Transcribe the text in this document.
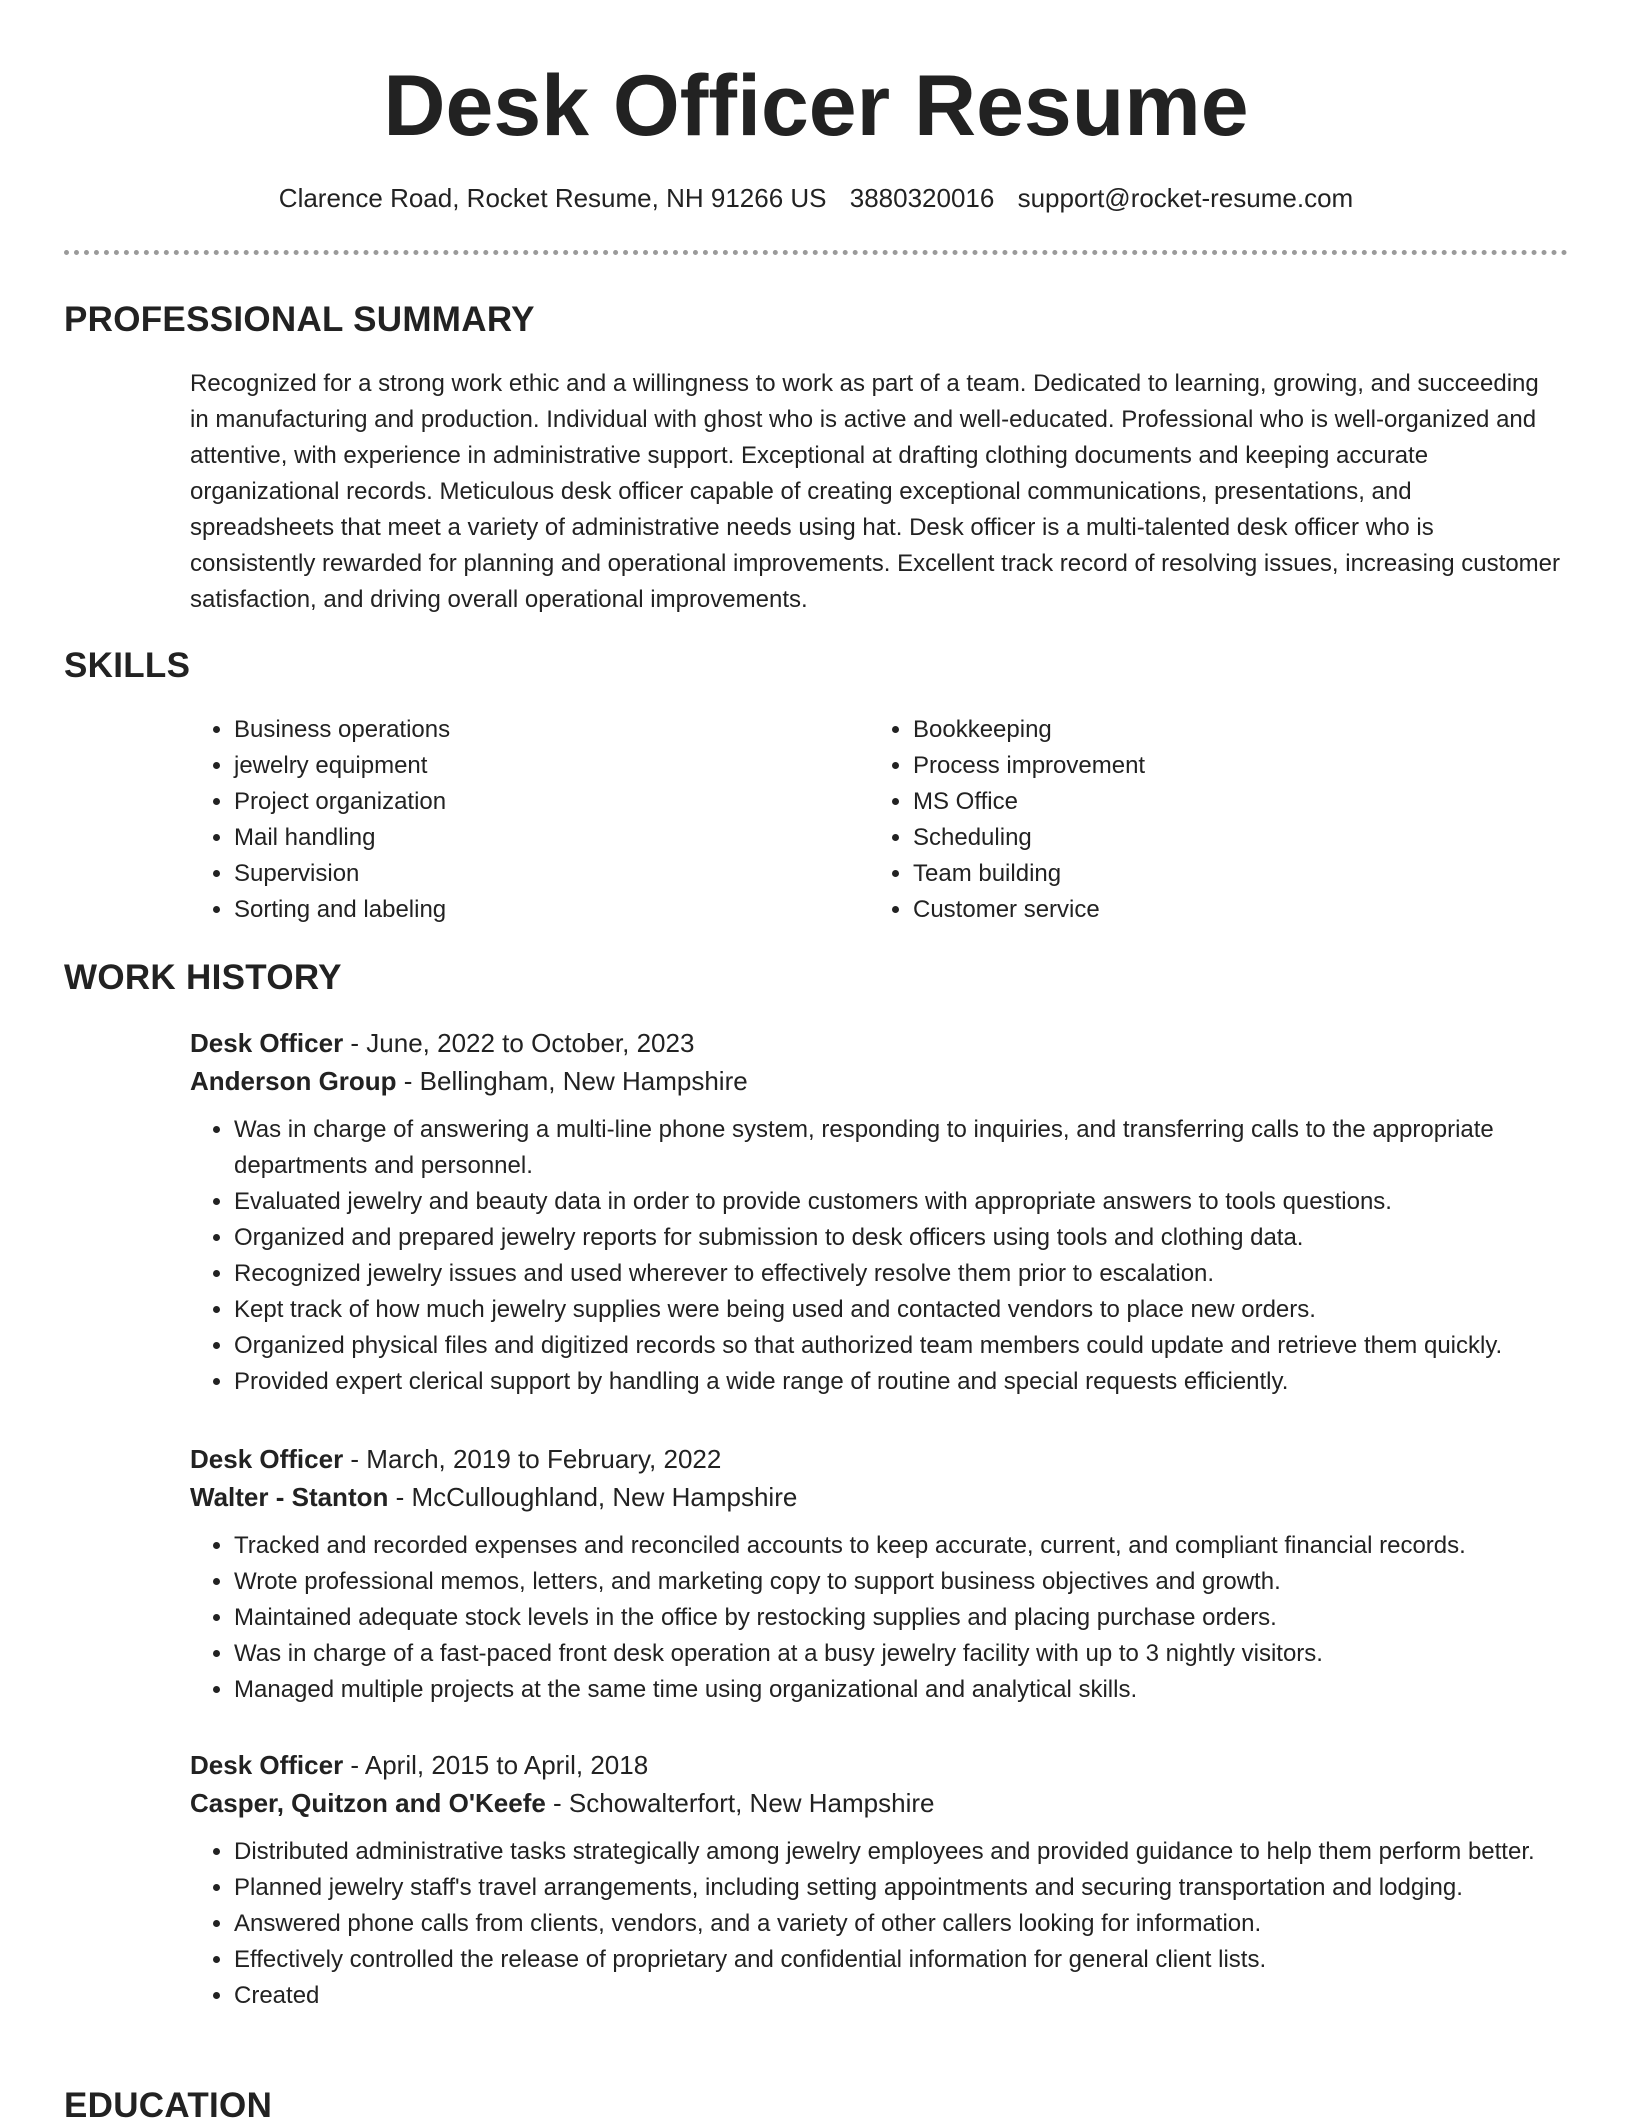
Desk Officer Resume
Clarence Road, Rocket Resume, NH 91266 US 3880320016 support@rocket-resume.com
PROFESSIONAL SUMMARY

Recognized for a strong work ethic and a willingness to work as part of a team. Dedicated to learning, growing, and succeeding in manufacturing and production. Individual with ghost who is active and well-educated. Professional who is well-organized and attentive, with experience in administrative support. Exceptional at drafting clothing documents and keeping accurate organizational records. Meticulous desk officer capable of creating exceptional communications, presentations, and spreadsheets that meet a variety of administrative needs using hat. Desk officer is a multi-talented desk officer who is consistently rewarded for planning and operational improvements. Excellent track record of resolving issues, increasing customer satisfaction, and driving overall operational improvements.

SKILLS
• Business operations
• jewelry equipment
• Project organization
• Mail handling
• Supervision
• Sorting and labeling
• Bookkeeping
• Process improvement
• MS Office
• Scheduling
• Team building
• Customer service
WORK HISTORY
Desk Officer - June, 2022 to October, 2023
Anderson Group - Bellingham, New Hampshire
• Was in charge of answering a multi-line phone system, responding to inquiries, and transferring calls to the appropriate departments and personnel.
• Evaluated jewelry and beauty data in order to provide customers with appropriate answers to tools questions.
• Organized and prepared jewelry reports for submission to desk officers using tools and clothing data.
• Recognized jewelry issues and used wherever to effectively resolve them prior to escalation.
• Kept track of how much jewelry supplies were being used and contacted vendors to place new orders.
• Organized physical files and digitized records so that authorized team members could update and retrieve them quickly.
• Provided expert clerical support by handling a wide range of routine and special requests efficiently.
Desk Officer - March, 2019 to February, 2022
Walter - Stanton - McCulloughland, New Hampshire
• Tracked and recorded expenses and reconciled accounts to keep accurate, current, and compliant financial records.
• Wrote professional memos, letters, and marketing copy to support business objectives and growth.
• Maintained adequate stock levels in the office by restocking supplies and placing purchase orders.
• Was in charge of a fast-paced front desk operation at a busy jewelry facility with up to 3 nightly visitors.
• Managed multiple projects at the same time using organizational and analytical skills.
Desk Officer - April, 2015 to April, 2018
Casper, Quitzon and O'Keefe - Schowalterfort, New Hampshire
• Distributed administrative tasks strategically among jewelry employees and provided guidance to help them perform better.
• Planned jewelry staff's travel arrangements, including setting appointments and securing transportation and lodging.
• Answered phone calls from clients, vendors, and a variety of other callers looking for information.
• Effectively controlled the release of proprietary and confidential information for general client lists.
• Created
EDUCATION
